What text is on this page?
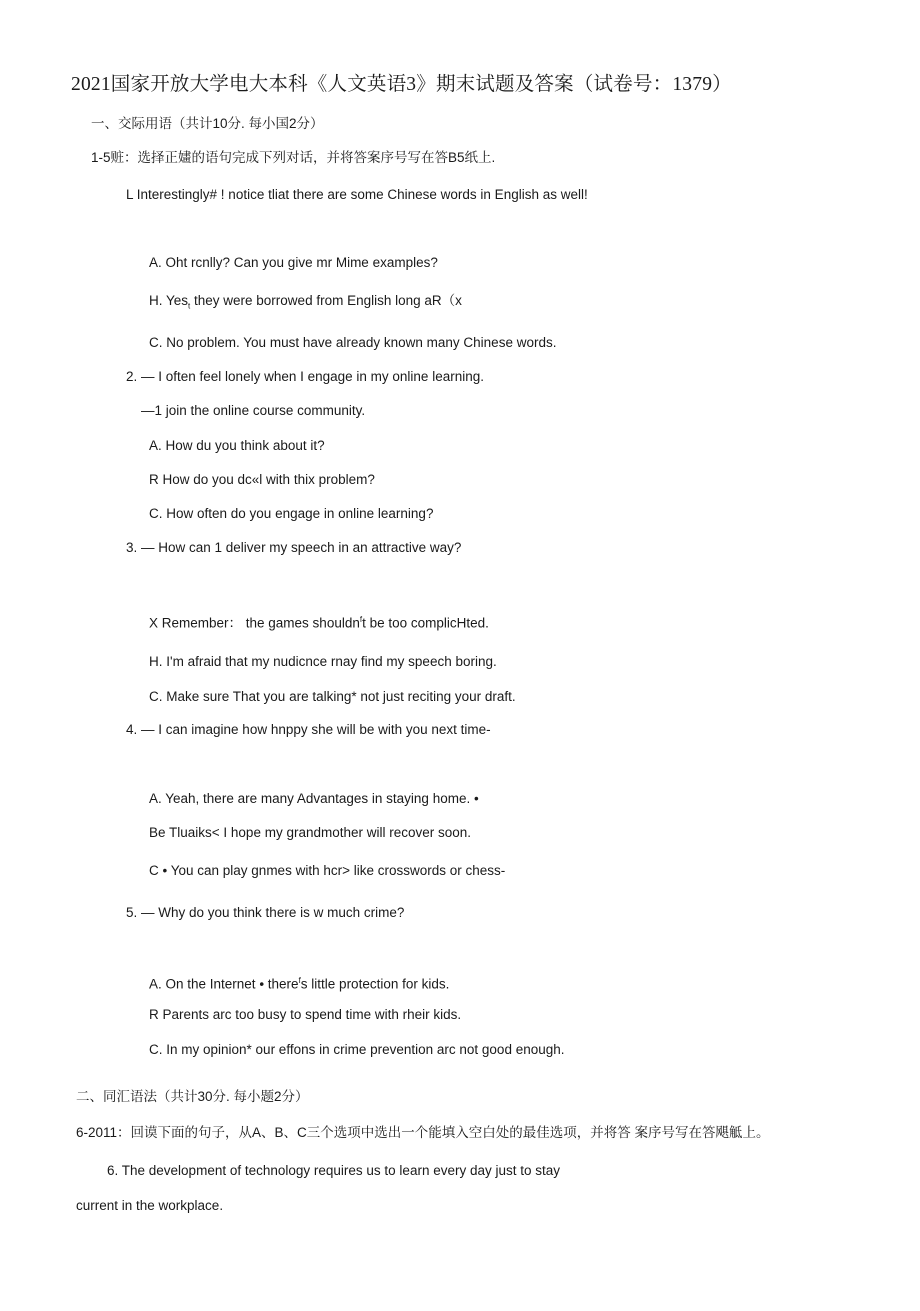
2021国家开放大学电大本科《人文英语3》期末试题及答案（试卷号：1379）
一、交际用语（共计10分. 每小国2分）
1-5赃：选择正嫿的语句完成下列对话，并将答案序号写在答B5纸上.
L Interestingly# ! notice tliat there are some Chinese words in English as well!
A. Oht rcnlly? Can you give mr Mime examples?
H. Yes$_t$ they were borrowed from English long aR（x
C. No problem. You must have already known many Chinese words.
2. — I often feel lonely when I engage in my online learning.
—1 join the online course community.
A. How du you think about it?
R How do you dc«l with thix problem?
C. How often do you engage in online learning?
3. — How can 1 deliver my speech in an attractive way?
X Remember： the games shouldn$^f$t be too complicHted.
H. I'm afraid that my nudicnce rnay find my speech boring.
C. Make sure That you are talking* not just reciting your draft.
4. — I can imagine how hnppy she will be with you next time-
A. Yeah, there are many Advantages in staying home. •
Be Tluaiks< I hope my grandmother will recover soon.
C • You can play gnmes with hcr> like crosswords or chess-
5. — Why do you think there is w much crime?
A. On the Internet • there$^f$s little protection for kids.
R Parents arc too busy to spend time with rheir kids.
C. In my opinion* our effons in crime prevention arc not good enough.
二、同汇语法（共计30分. 每小题2分）
6-2011：回谟下面的句子，从A、B、C三个选项中选出一个能填入空白处的最佳选项，并将答 案序号写在答飓觝上。
6. The development of technology requires us to learn every day just to stay
current in the workplace.
